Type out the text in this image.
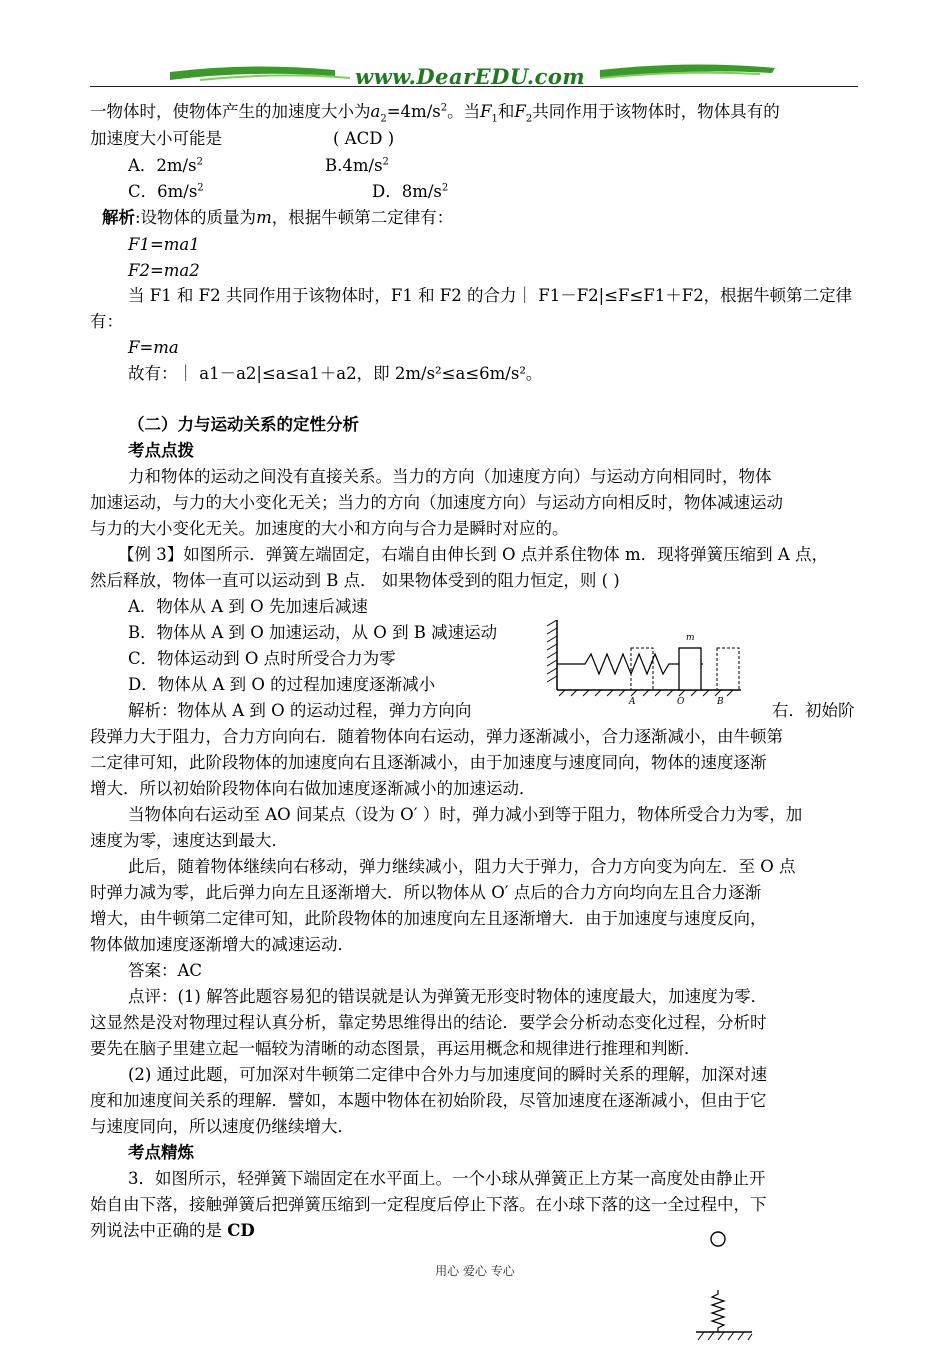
www.DearEDU.com
一物体时，使物体产生的加速度大小为$a_2=4m/s^2$。当$F_1$和$F_2$共同作用于该物体时，物体具有的
加速度大小可能是	( ACD )
A．$2m/s^2$	$B.4m/s^2$
C．$6m/s^2$	D．$8m/s^2$
解析:设物体的质量为m，根据牛顿第二定律有：
F1=ma1
F2=ma2
当 F1 和 F2 共同作用于该物体时，F1 和 F2 的合力｜ F1－F2|≤F≤F1＋F2，根据牛顿第二定律
有：
F=ma
故有：｜ a1－a2|≤a≤a1＋a2，即 2m/s²≤a≤6m/s²。
（二）力与运动关系的定性分析
考点点拨
力和物体的运动之间没有直接关系。当力的方向（加速度方向）与运动方向相同时，物体
加速运动，与力的大小变化无关；当力的方向（加速度方向）与运动方向相反时，物体减速运动
与力的大小变化无关。加速度的大小和方向与合力是瞬时对应的。
【例 3】如图所示．弹簧左端固定，右端自由伸长到 O 点并系住物体 m．现将弹簧压缩到 A 点，
然后释放，物体一直可以运动到 B 点． 如果物体受到的阻力恒定，则 ( )
A．物体从 A 到 O 先加速后减速
B．物体从 A 到 O 加速运动，从 O 到 B 减速运动
C．物体运动到 O 点时所受合力为零
D．物体从 A 到 O 的过程加速度逐渐减小
m
A	O	B
解析：物体从 A 到 O 的运动过程，弹力方向向	右．初始阶
段弹力大于阻力，合力方向向右．随着物体向右运动，弹力逐渐减小，合力逐渐减小，由牛顿第
二定律可知，此阶段物体的加速度向右且逐渐减小，由于加速度与速度同向，物体的速度逐渐
增大．所以初始阶段物体向右做加速度逐渐减小的加速运动．
当物体向右运动至 AO 间某点（设为 O′ ）时，弹力减小到等于阻力，物体所受合力为零，加
速度为零，速度达到最大．
此后，随着物体继续向右移动，弹力继续减小，阻力大于弹力，合力方向变为向左．至 O 点
时弹力减为零，此后弹力向左且逐渐增大．所以物体从 O′ 点后的合力方向均向左且合力逐渐
增大，由牛顿第二定律可知，此阶段物体的加速度向左且逐渐增大．由于加速度与速度反向，
物体做加速度逐渐增大的减速运动．
答案：AC
点评：(1) 解答此题容易犯的错误就是认为弹簧无形变时物体的速度最大，加速度为零．
这显然是没对物理过程认真分析，靠定势思维得出的结论．要学会分析动态变化过程，分析时
要先在脑子里建立起一幅较为清晰的动态图景，再运用概念和规律进行推理和判断．
(2) 通过此题，可加深对牛顿第二定律中合外力与加速度间的瞬时关系的理解，加深对速
度和加速度间关系的理解．譬如，本题中物体在初始阶段，尽管加速度在逐渐减小，但由于它
与速度同向，所以速度仍继续增大．
考点精炼
3．如图所示，轻弹簧下端固定在水平面上。一个小球从弹簧正上方某一高度处由静止开
始自由下落，接触弹簧后把弹簧压缩到一定程度后停止下落。在小球下落的这一全过程中，下
列说法中正确的是 CD
用心 爱心 专心
